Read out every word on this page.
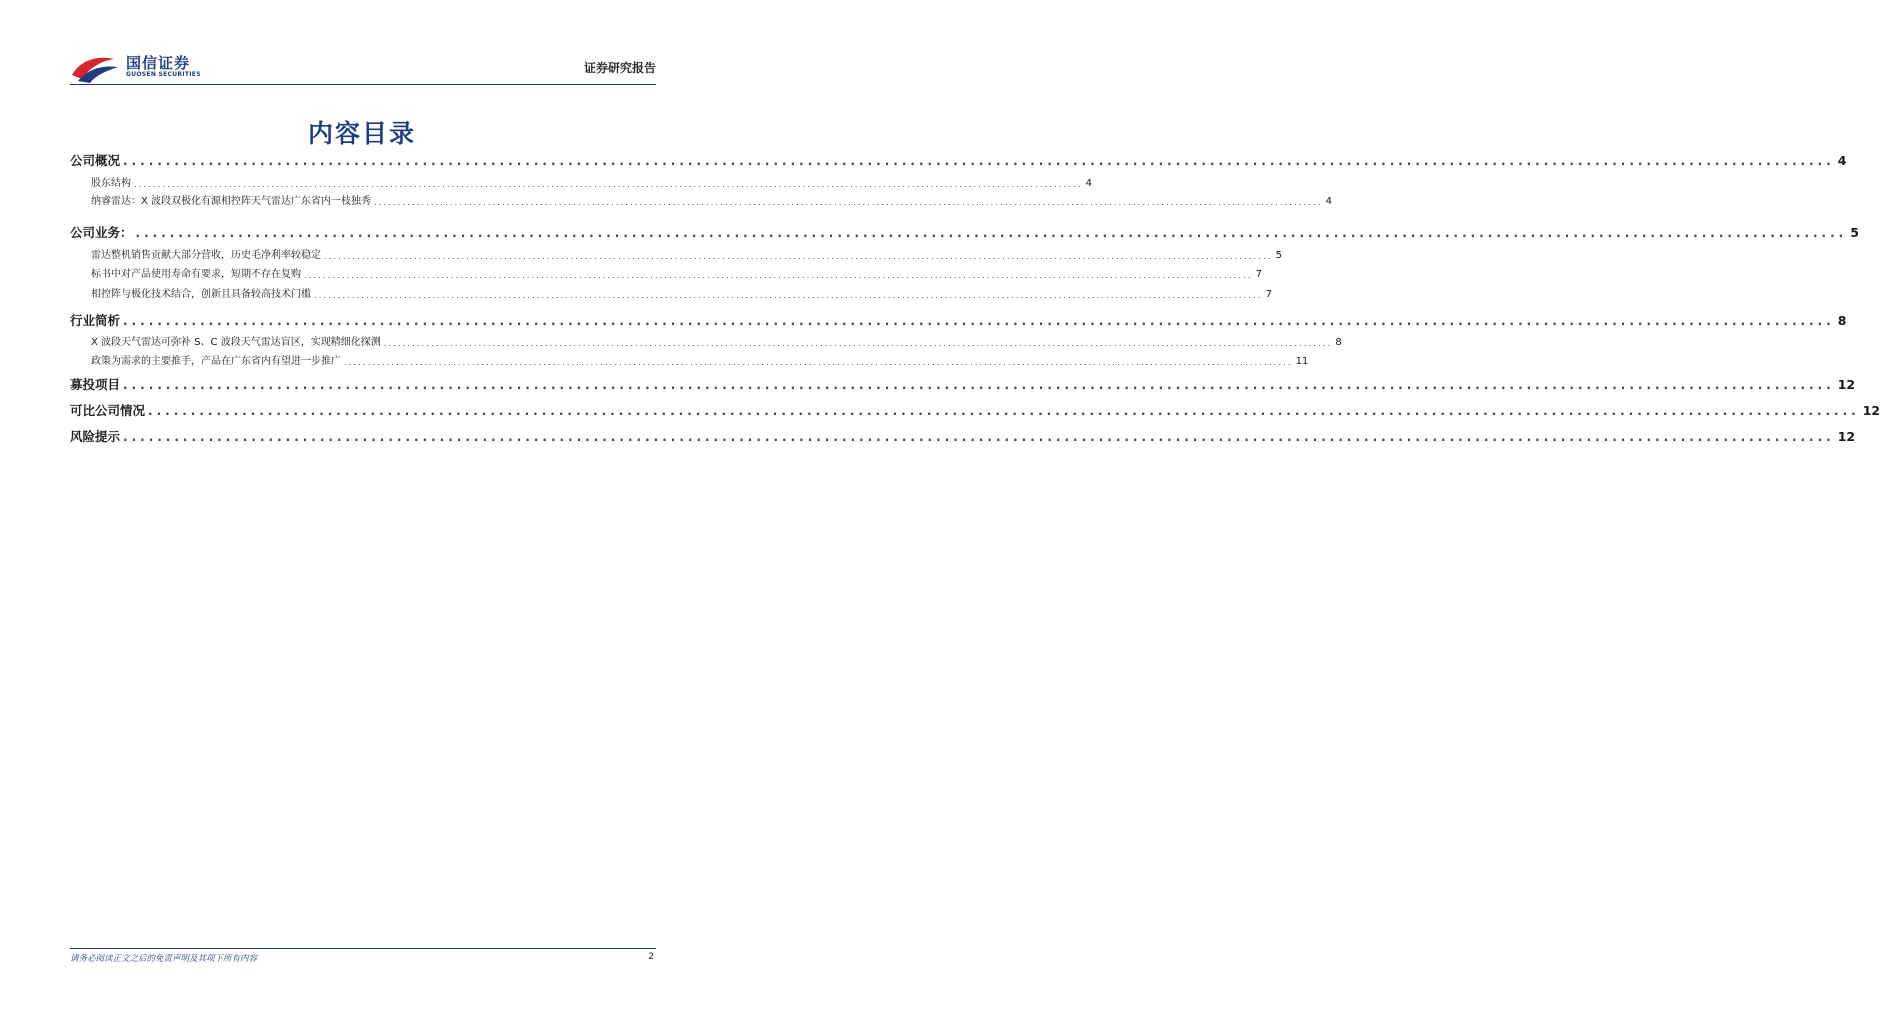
国信证券
GUOSEN SECURITIES	证券研究报告
内容目录
公司概况 ........................................................................................................................................................................................................ 4
股东结构 ........................................................................................................................................................................................................ 4
纳睿雷达：X 波段双极化有源相控阵天气雷达广东省内一枝独秀 ........................................................................................................................................................................................................ 4
公司业务： ........................................................................................................................................................................................................ 5
雷达整机销售贡献大部分营收，历史毛净利率较稳定 ........................................................................................................................................................................................................ 5
标书中对产品使用寿命有要求，短期不存在复购 ........................................................................................................................................................................................................ 7
相控阵与极化技术结合，创新且具备较高技术门槛 ........................................................................................................................................................................................................ 7
行业简析 ........................................................................................................................................................................................................ 8
X 波段天气雷达可弥补 S、C 波段天气雷达盲区，实现精细化探测 ........................................................................................................................................................................................................ 8
政策为需求的主要推手，产品在广东省内有望进一步推广 ........................................................................................................................................................................................................ 11
募投项目 ........................................................................................................................................................................................................ 12
可比公司情况 ........................................................................................................................................................................................................ 12
风险提示 ........................................................................................................................................................................................................ 12
请务必阅读正文之后的免责声明及其项下所有内容	2
